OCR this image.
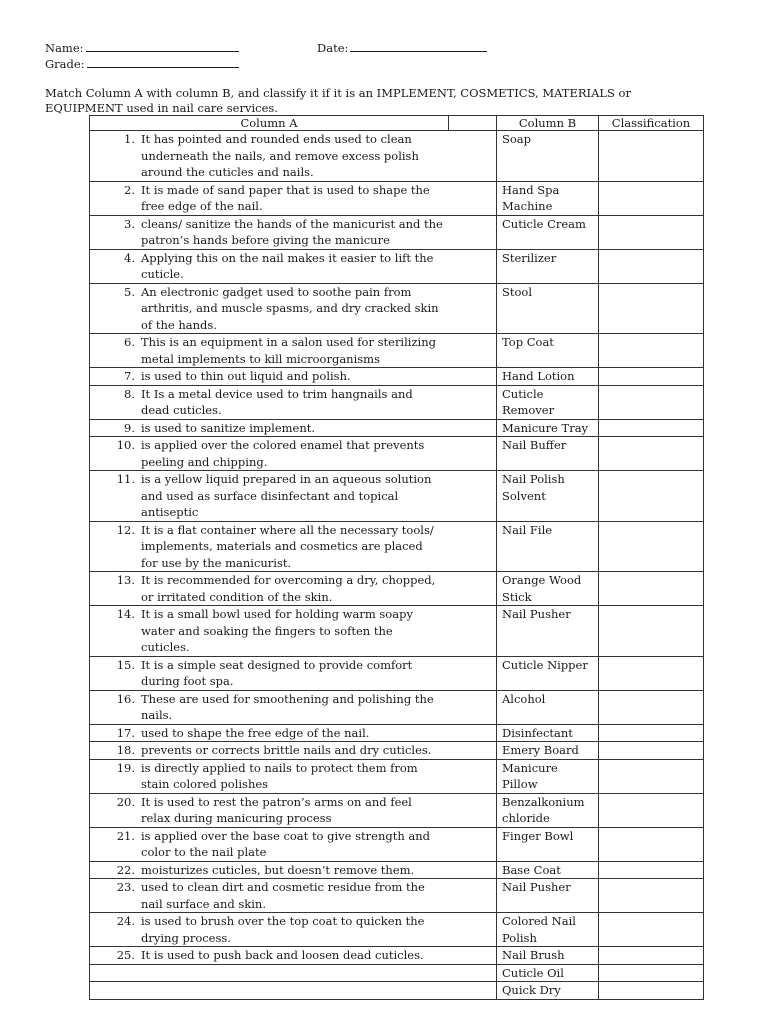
Name:	Date:
Grade:
Match Column A with column B, and classify it if it is an IMPLEMENT, COSMETICS, MATERIALS or EQUIPMENT used in nail care services.
Column A		Column B	Classification
1. It has pointed and rounded ends used to clean underneath the nails, and remove excess polish around the cuticles and nails.		Soap	
2. It is made of sand paper that is used to shape the free edge of the nail.		Hand Spa Machine	
3. cleans/ sanitize the hands of the manicurist and the patron’s hands before giving the manicure		Cuticle Cream	
4. Applying this on the nail makes it easier to lift the cuticle.		Sterilizer	
5. An electronic gadget used to soothe pain from arthritis, and muscle spasms, and dry cracked skin of the hands.		Stool	
6. This is an equipment in a salon used for sterilizing metal implements to kill microorganisms		Top Coat	
7. is used to thin out liquid and polish.		Hand Lotion	
8. It Is a metal device used to trim hangnails and dead cuticles.		Cuticle Remover	
9. is used to sanitize implement.		Manicure Tray	
10. is applied over the colored enamel that prevents peeling and chipping.		Nail Buffer	
11. is a yellow liquid prepared in an aqueous solution and used as surface disinfectant and topical antiseptic		Nail Polish Solvent	
12. It is a flat container where all the necessary tools/ implements, materials and cosmetics are placed for use by the manicurist.		Nail File	
13. It is recommended for overcoming a dry, chopped, or irritated condition of the skin.		Orange Wood Stick	
14. It is a small bowl used for holding warm soapy water and soaking the fingers to soften the cuticles.		Nail Pusher	
15. It is a simple seat designed to provide comfort during foot spa.		Cuticle Nipper	
16. These are used for smoothening and polishing the nails.		Alcohol	
17. used to shape the free edge of the nail.		Disinfectant	
18. prevents or corrects brittle nails and dry cuticles.		Emery Board	
19. is directly applied to nails to protect them from stain colored polishes		Manicure Pillow	
20. It is used to rest the patron’s arms on and feel relax during manicuring process		Benzalkonium chloride	
21. is applied over the base coat to give strength and color to the nail plate		Finger Bowl	
22. moisturizes cuticles, but doesn’t remove them.		Base Coat	
23. used to clean dirt and cosmetic residue from the nail surface and skin.		Nail Pusher	
24. is used to brush over the top coat to quicken the drying process.		Colored Nail Polish	
25. It is used to push back and loosen dead cuticles.		Nail Brush	
		Cuticle Oil	
		Quick Dry	
